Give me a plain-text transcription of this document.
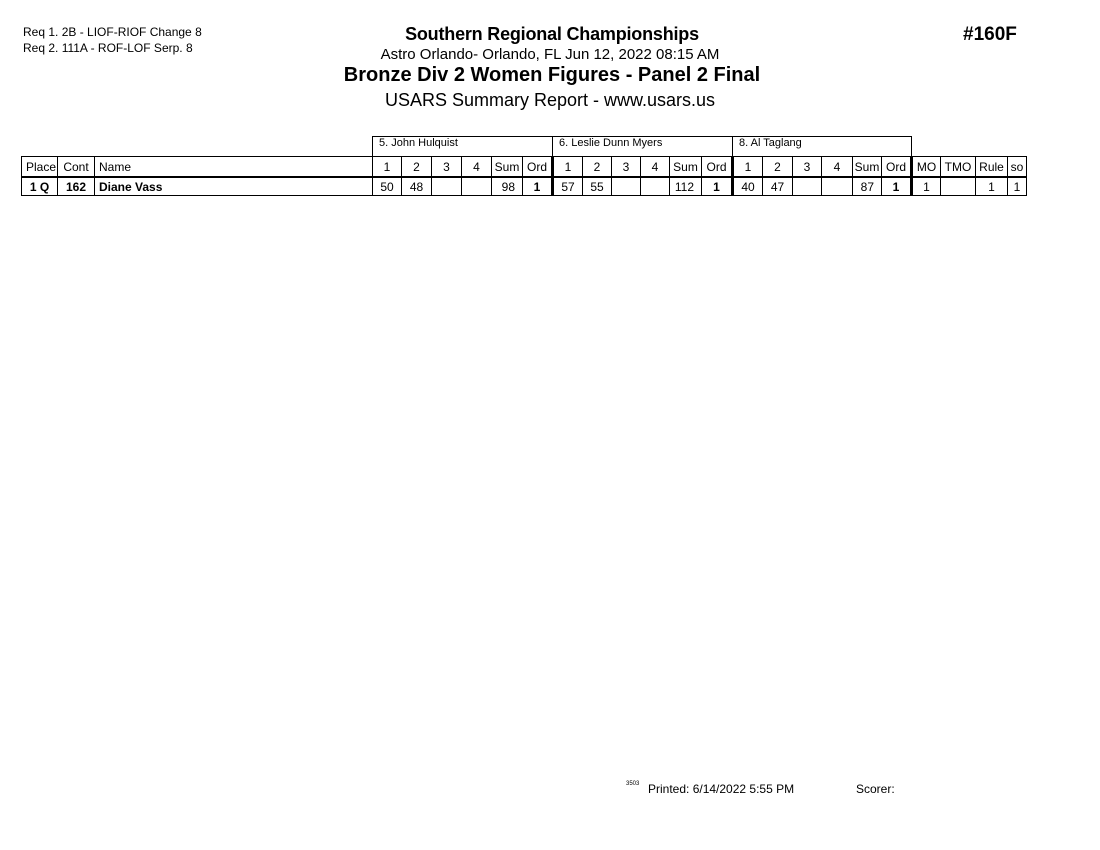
Req 1. 2B - LIOF-RIOF Change 8
Req 2. 111A - ROF-LOF Serp. 8
Southern Regional Championships
Astro Orlando- Orlando, FL Jun 12, 2022 08:15 AM
Bronze Div 2 Women Figures - Panel 2 Final
USARS Summary Report - www.usars.us
#160F
			5. John Hulquist						6. Leslie Dunn Myers						8. Al Taglang									
Place	Cont	Name	1	2	3	4	Sum	Ord	1	2	3	4	Sum	Ord	1	2	3	4	Sum	Ord	MO	TMO	Rule	so
1 Q	162	Diane Vass	50	48			98	1	57	55			112	1	40	47			87	1	1		1	1
3503 Printed: 6/14/2022 5:55 PM	Scorer:
